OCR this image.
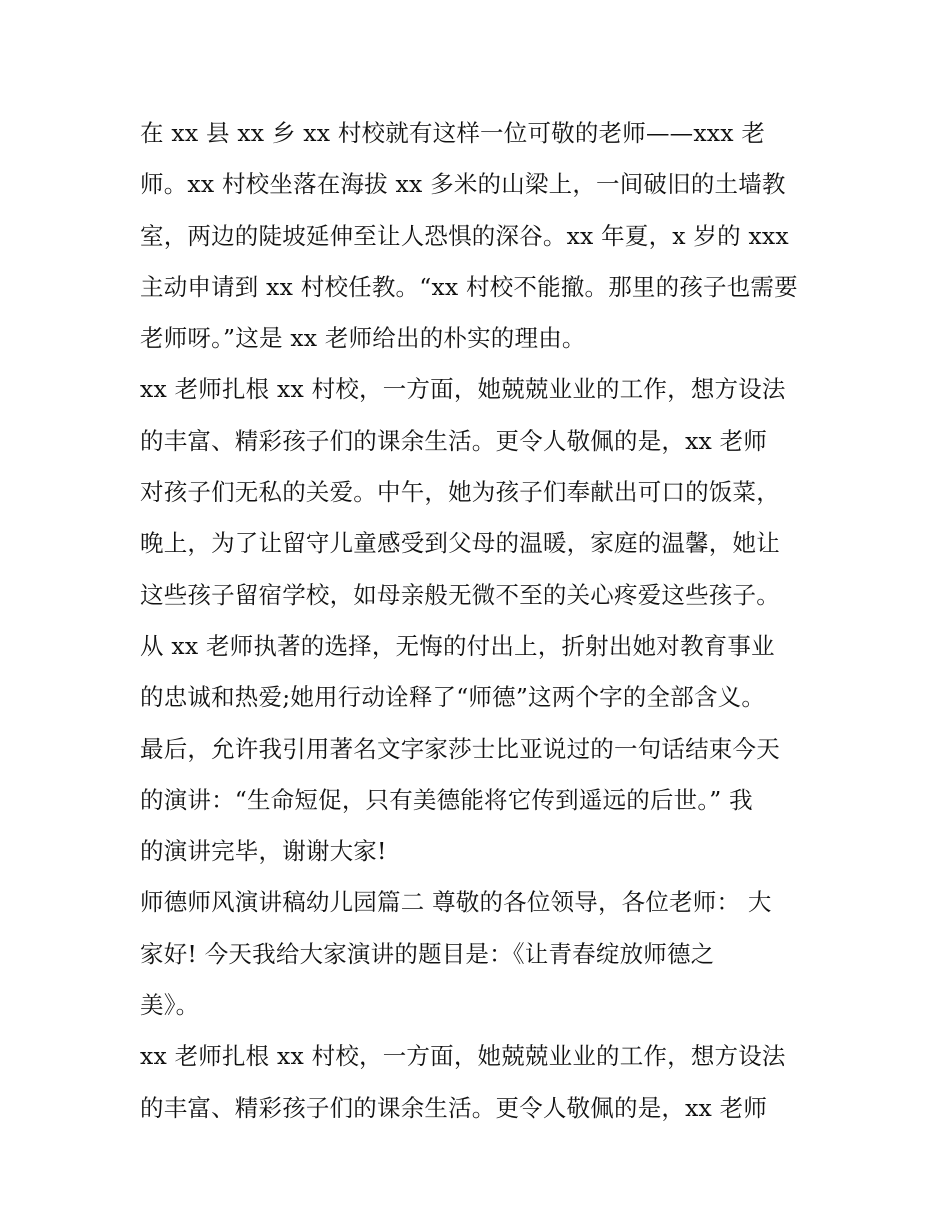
在 xx 县 xx 乡 xx 村校就有这样一位可敬的老师——xxx 老
师。xx 村校坐落在海拔 xx 多米的山梁上，一间破旧的土墙教
室，两边的陡坡延伸至让人恐惧的深谷。xx 年夏，x 岁的 xxx
主动申请到 xx 村校任教。“xx 村校不能撤。那里的孩子也需要
老师呀。”这是 xx 老师给出的朴实的理由。
xx 老师扎根 xx 村校，一方面，她兢兢业业的工作，想方设法
的丰富、精彩孩子们的课余生活。更令人敬佩的是，xx 老师
对孩子们无私的关爱。中午，她为孩子们奉献出可口的饭菜，
晚上，为了让留守儿童感受到父母的温暖，家庭的温馨，她让
这些孩子留宿学校，如母亲般无微不至的关心疼爱这些孩子。
从 xx 老师执著的选择，无悔的付出上，折射出她对教育事业
的忠诚和热爱;她用行动诠释了“师德”这两个字的全部含义。
最后，允许我引用著名文字家莎士比亚说过的一句话结束今天
的演讲：“生命短促，只有美德能将它传到遥远的后世。” 我
的演讲完毕，谢谢大家!
师德师风演讲稿幼儿园篇二 尊敬的各位领导，各位老师： 大
家好! 今天我给大家演讲的题目是：《让青春绽放师德之
美》。
xx 老师扎根 xx 村校，一方面，她兢兢业业的工作，想方设法
的丰富、精彩孩子们的课余生活。更令人敬佩的是，xx 老师
